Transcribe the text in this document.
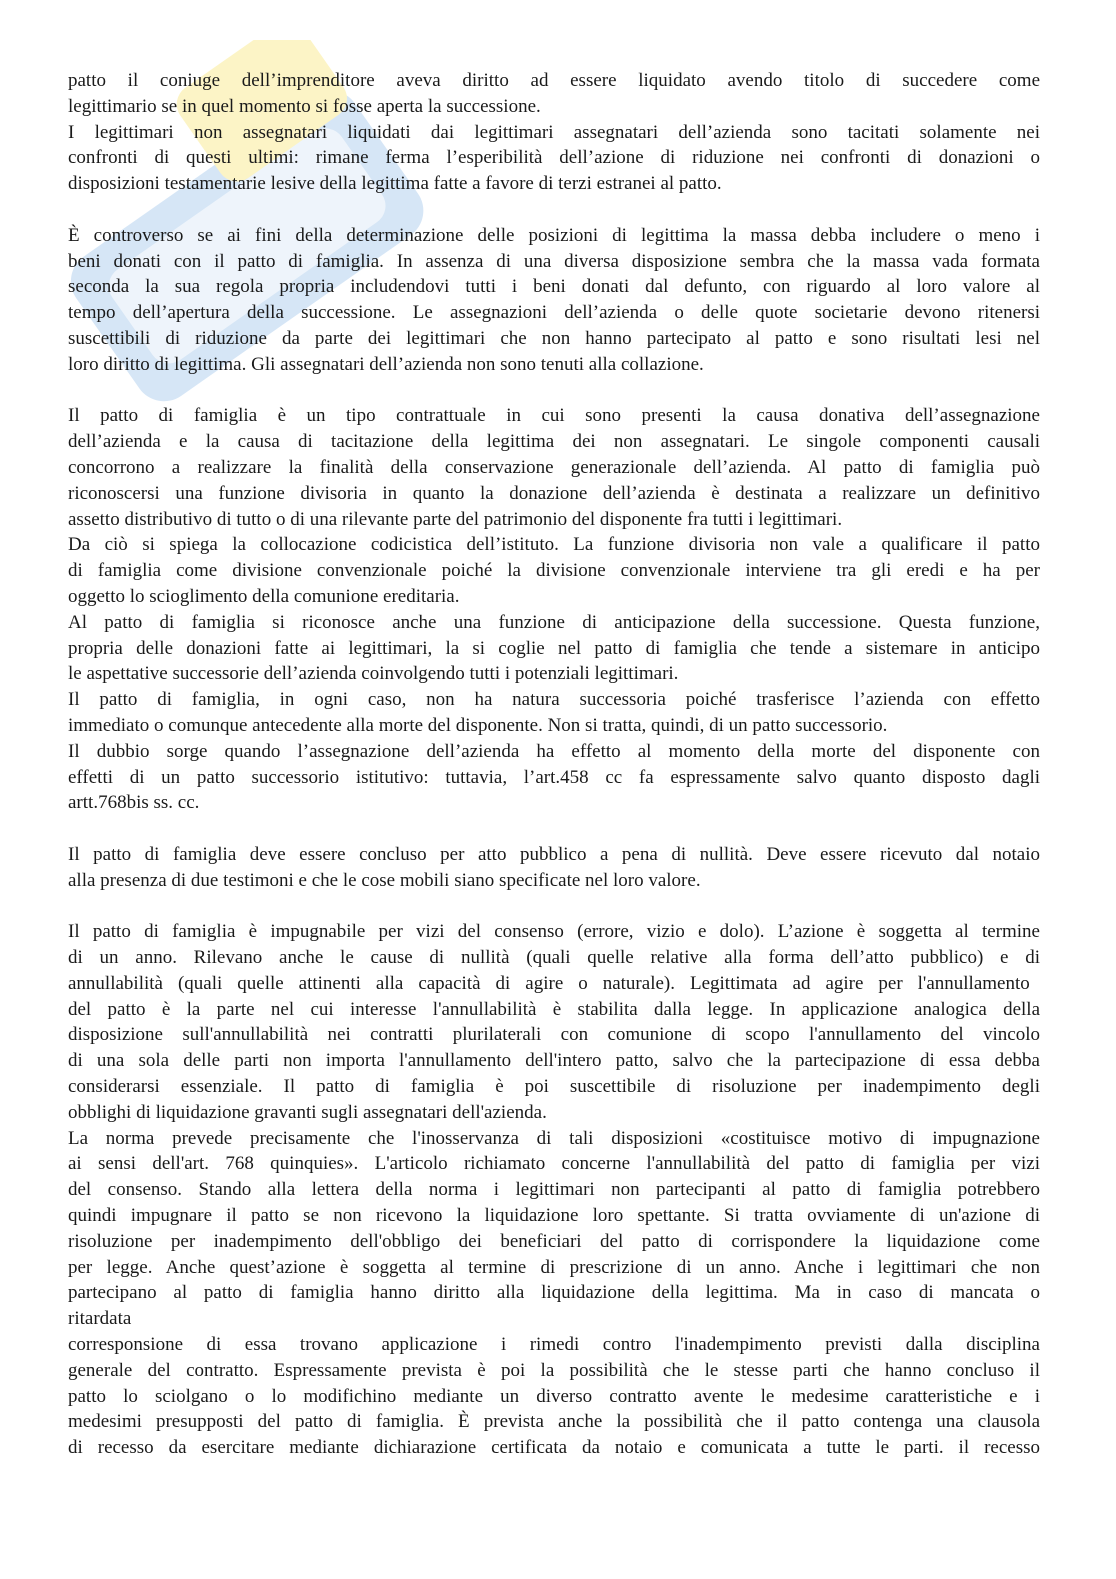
patto il coniuge dell’imprenditore aveva diritto ad essere liquidato avendo titolo di succedere come
legittimario se in quel momento si fosse aperta la successione.
I legittimari non assegnatari liquidati dai legittimari assegnatari dell’azienda sono tacitati solamente nei
confronti di questi ultimi: rimane ferma l’esperibilità dell’azione di riduzione nei confronti di donazioni o
disposizioni testamentarie lesive della legittima fatte a favore di terzi estranei al patto.
È controverso se ai fini della determinazione delle posizioni di legittima la massa debba includere o meno i
beni donati con il patto di famiglia. In assenza di una diversa disposizione sembra che la massa vada formata
seconda la sua regola propria includendovi tutti i beni donati dal defunto, con riguardo al loro valore al
tempo dell’apertura della successione. Le assegnazioni dell’azienda o delle quote societarie devono ritenersi
suscettibili di riduzione da parte dei legittimari che non hanno partecipato al patto e sono risultati lesi nel
loro diritto di legittima. Gli assegnatari dell’azienda non sono tenuti alla collazione.
Il patto di famiglia è un tipo contrattuale in cui sono presenti la causa donativa dell’assegnazione
dell’azienda e la causa di tacitazione della legittima dei non assegnatari. Le singole componenti causali
concorrono a realizzare la finalità della conservazione generazionale dell’azienda. Al patto di famiglia può
riconoscersi una funzione divisoria in quanto la donazione dell’azienda è destinata a realizzare un definitivo
assetto distributivo di tutto o di una rilevante parte del patrimonio del disponente fra tutti i legittimari.
Da ciò si spiega la collocazione codicistica dell’istituto. La funzione divisoria non vale a qualificare il patto
di famiglia come divisione convenzionale poiché la divisione convenzionale interviene tra gli eredi e ha per
oggetto lo scioglimento della comunione ereditaria.
Al patto di famiglia si riconosce anche una funzione di anticipazione della successione. Questa funzione,
propria delle donazioni fatte ai legittimari, la si coglie nel patto di famiglia che tende a sistemare in anticipo
le aspettative successorie dell’azienda coinvolgendo tutti i potenziali legittimari.
Il patto di famiglia, in ogni caso, non ha natura successoria poiché trasferisce l’azienda con effetto
immediato o comunque antecedente alla morte del disponente. Non si tratta, quindi, di un patto successorio.
Il dubbio sorge quando l’assegnazione dell’azienda ha effetto al momento della morte del disponente con
effetti di un patto successorio istitutivo: tuttavia, l’art.458 cc fa espressamente salvo quanto disposto dagli
artt.768bis ss. cc.
Il patto di famiglia deve essere concluso per atto pubblico a pena di nullità. Deve essere ricevuto dal notaio
alla presenza di due testimoni e che le cose mobili siano specificate nel loro valore.
Il patto di famiglia è impugnabile per vizi del consenso (errore, vizio e dolo). L’azione è soggetta al termine
di un anno. Rilevano anche le cause di nullità (quali quelle relative alla forma dell’atto pubblico) e di
annullabilità (quali quelle attinenti alla capacità di agire o naturale). Legittimata ad agire per l'annullamento
del patto è la parte nel cui interesse l'annullabilità è stabilita dalla legge. In applicazione analogica della
disposizione sull'annullabilità nei contratti plurilaterali con comunione di scopo l'annullamento del vincolo
di una sola delle parti non importa l'annullamento dell'intero patto, salvo che la partecipazione di essa debba
considerarsi essenziale. Il patto di famiglia è poi suscettibile di risoluzione per inadempimento degli
obblighi di liquidazione gravanti sugli assegnatari dell'azienda.
La norma prevede precisamente che l'inosservanza di tali disposizioni «costituisce motivo di impugnazione
ai sensi dell'art. 768 quinquies». L'articolo richiamato concerne l'annullabilità del patto di famiglia per vizi
del consenso. Stando alla lettera della norma i legittimari non partecipanti al patto di famiglia potrebbero
quindi impugnare il patto se non ricevono la liquidazione loro spettante. Si tratta ovviamente di un'azione di
risoluzione per inadempimento dell'obbligo dei beneficiari del patto di corrispondere la liquidazione come
per legge. Anche quest’azione è soggetta al termine di prescrizione di un anno. Anche i legittimari che non
partecipano al patto di famiglia hanno diritto alla liquidazione della legittima. Ma in caso di mancata o
ritardata
corresponsione di essa trovano applicazione i rimedi contro l'inadempimento previsti dalla disciplina
generale del contratto. Espressamente prevista è poi la possibilità che le stesse parti che hanno concluso il
patto lo sciolgano o lo modifichino mediante un diverso contratto avente le medesime caratteristiche e i
medesimi presupposti del patto di famiglia. È prevista anche la possibilità che il patto contenga una clausola
di recesso da esercitare mediante dichiarazione certificata da notaio e comunicata a tutte le parti. il recesso
